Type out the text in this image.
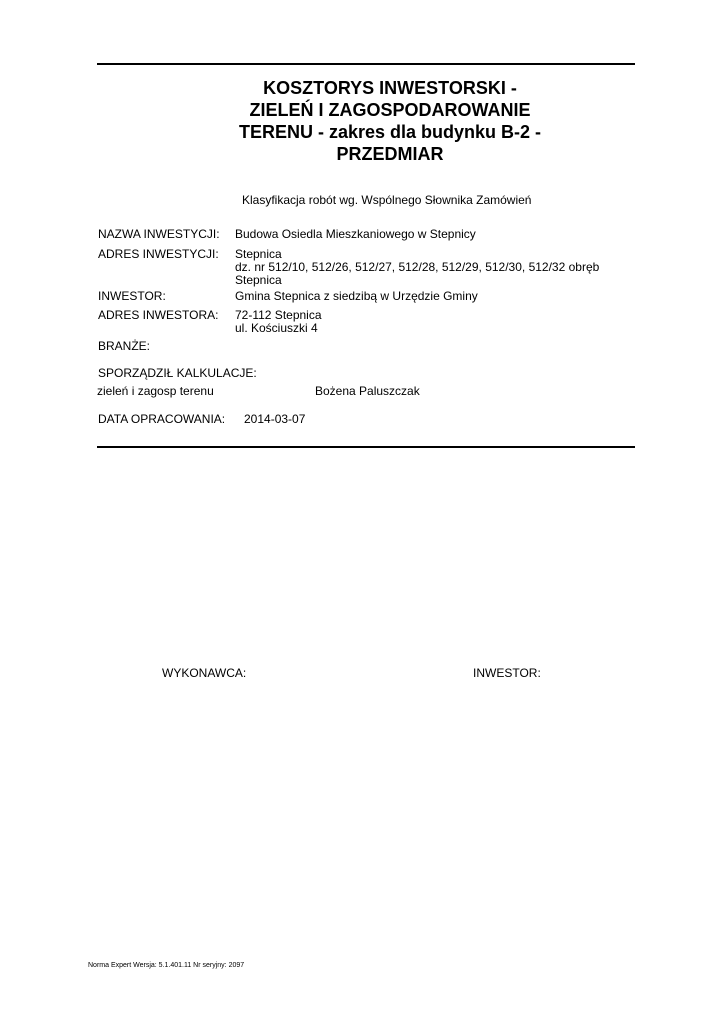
KOSZTORYS INWESTORSKI -
ZIELEŃ I ZAGOSPODAROWANIE
TERENU - zakres dla budynku B-2 -
PRZEDMIAR
Klasyfikacja robót wg. Wspólnego Słownika Zamówień
NAZWA INWESTYCJI: Budowa Osiedla Mieszkaniowego w Stepnicy
ADRES INWESTYCJI: Stepnica
dz. nr 512/10, 512/26, 512/27, 512/28, 512/29, 512/30, 512/32 obręb
Stepnica
INWESTOR:	Gmina Stepnica z siedzibą w Urzędzie Gminy
ADRES INWESTORA: 72-112 Stepnica
ul. Kościuszki 4
BRANŻE:
SPORZĄDZIŁ KALKULACJE:
zieleń i zagosp terenu	Bożena Paluszczak
DATA OPRACOWANIA: 2014-03-07
WYKONAWCA:	INWESTOR:
Norma Expert Wersja: 5.1.401.11 Nr seryjny: 2097
